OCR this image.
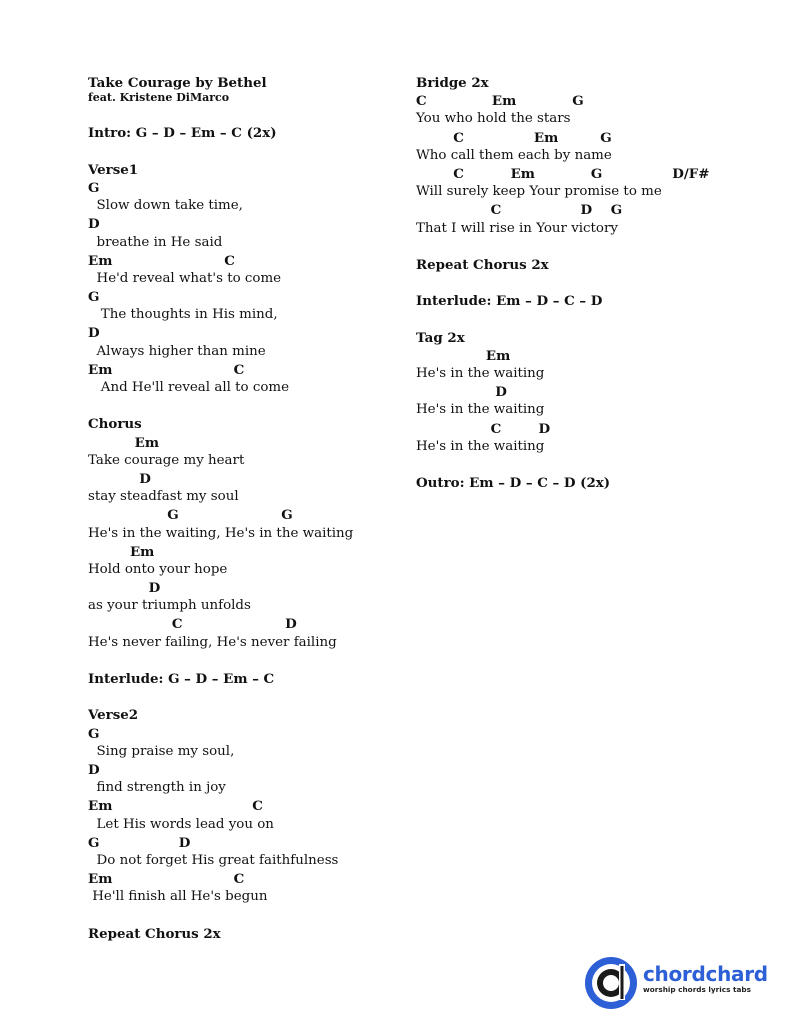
Take Courage by Bethel
feat. Kristene DiMarco
Intro: G – D – Em – C (2x)
Verse1
G
Slow down take time,
D
breathe in He said
Em                        C
He'd reveal what's to come
G
The thoughts in His mind,
D
Always higher than mine
Em                          C
And He'll reveal all to come
Chorus
Em
Take courage my heart
D
stay steadfast my soul
G                      G
He's in the waiting, He's in the waiting
Em
Hold onto your hope
D
as your triumph unfolds
C                      D
He's never failing, He's never failing
Interlude: G – D – Em – C
Verse2
G
Sing praise my soul,
D
find strength in joy
Em                              C
Let His words lead you on
G                 D
Do not forget His great faithfulness
Em                          C
He'll finish all He's begun
Repeat Chorus 2x
Bridge 2x
C              Em            G
You who hold the stars
C               Em         G
Who call them each by name
C          Em            G               D/F#
Will surely keep Your promise to me
C                 D    G
That I will rise in Your victory
Repeat Chorus 2x
Interlude: Em – D – C – D
Tag 2x
Em
He's in the waiting
D
He's in the waiting
C        D
He's in the waiting
Outro: Em – D – C – D (2x)
chordchard
worship chords lyrics tabs
